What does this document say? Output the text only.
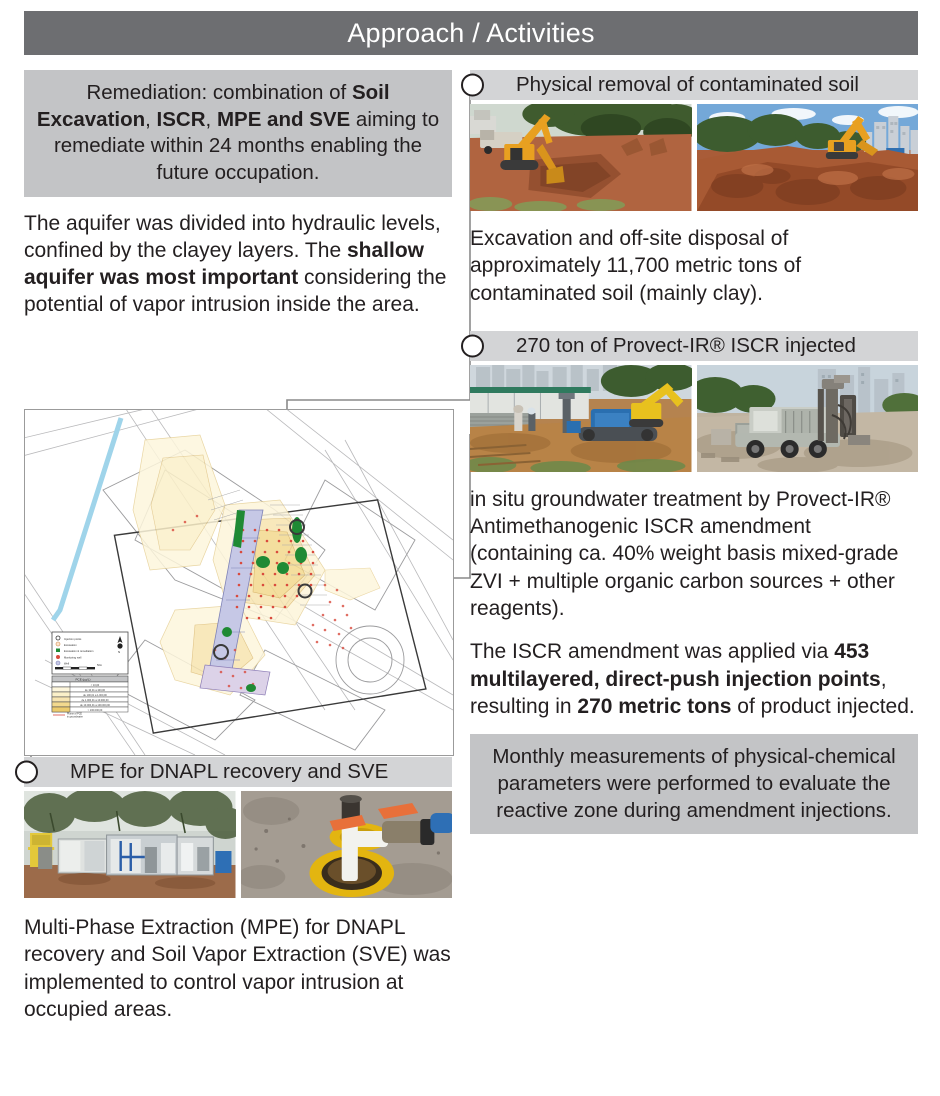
Approach / Activities
Remediation: combination of Soil Excavation, ISCR, MPE and SVE aiming to remediate within 24 months enabling the future occupation.
The aquifer was divided into hydraulic levels, confined by the clayey layers. The shallow aquifer was most important considering the potential of vapor intrusion inside the area.
Injection points
Excavation
Excavation & remediation
Monitoring well
Well	50m
N
PCE (µg/L)
< 10,00
de 10,01 a 100,00
de 100,01 a 1.000,00
de 1.000,01 a 10.000,00
de 10.000,01 a 100.000,00
> 100.000,00
Plume of PCE
in groundwater
MPE for DNAPL recovery and SVE
Multi-Phase Extraction (MPE) for DNAPL recovery and Soil Vapor Extraction (SVE) was implemented to control vapor intrusion at occupied areas.
Physical removal of contaminated soil
Excavation and off-site disposal of approximately 11,700 metric tons of contaminated soil (mainly clay).
270 ton of Provect-IR® ISCR injected
in situ groundwater treatment by Provect-IR® Antimethanogenic ISCR amendment (containing ca. 40% weight basis mixed-grade ZVI + multiple organic carbon sources + other reagents).
The ISCR amendment was applied via 453 multilayered, direct-push injection points, resulting in 270 metric tons of product injected.
Monthly measurements of physical-chemical parameters were performed to evaluate the reactive zone during amendment injections.
